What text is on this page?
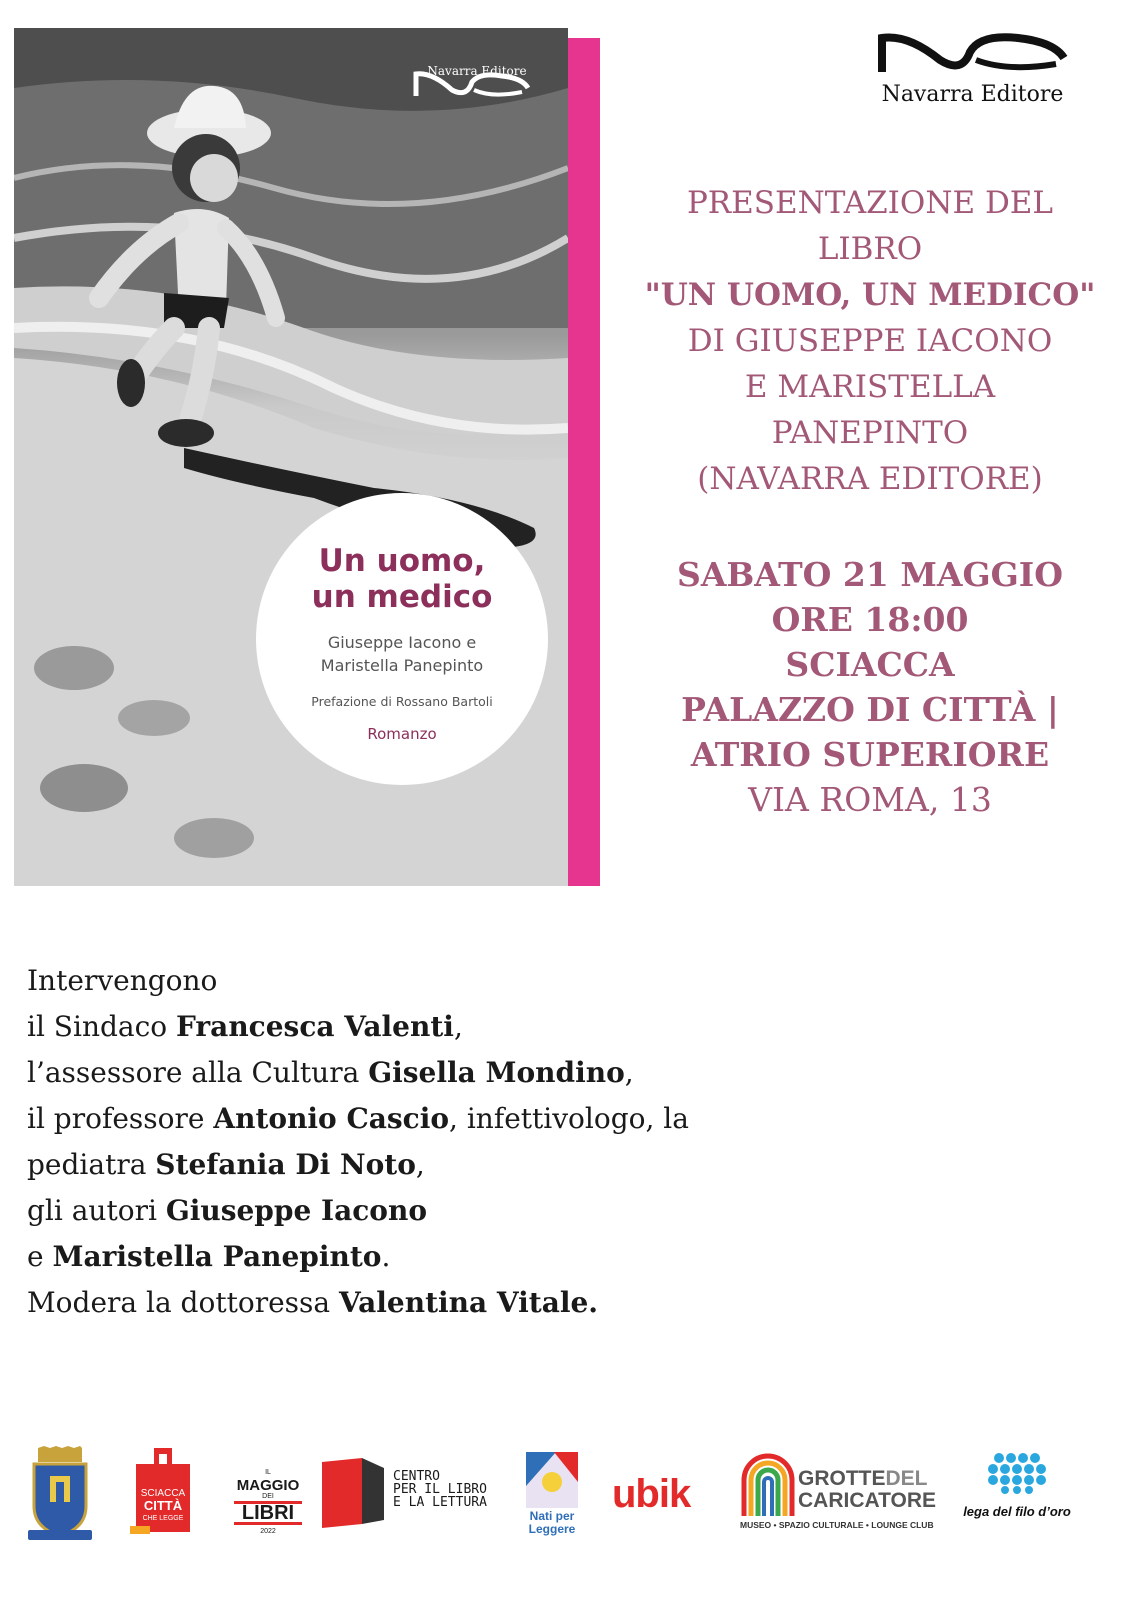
Navarra Editore
Un uomo,
un medico
Giuseppe Iacono e
Maristella Panepinto
Prefazione di Rossano Bartoli
Romanzo
Navarra Editore
PRESENTAZIONE DEL
LIBRO
"UN UOMO, UN MEDICO"
DI GIUSEPPE IACONO
E MARISTELLA
PANEPINTO
(NAVARRA EDITORE)
SABATO 21 MAGGIO
ORE 18:00
SCIACCA
PALAZZO DI CITTÀ |
ATRIO SUPERIORE
VIA ROMA, 13
Intervengono
il Sindaco Francesca Valenti,
l’assessore alla Cultura Gisella Mondino,
il professore Antonio Cascio, infettivologo, la
pediatra Stefania Di Noto,
gli autori Giuseppe Iacono
e Maristella Panepinto.
Modera la dottoressa Valentina Vitale.
SCIACCA
CITTÀ
CHE LEGGE
IL
MAGGIO
DEI
LIBRI
2022
CENTRO
PER IL LIBRO
E LA LETTURA
Nati per
Leggere
ubik	GROTTEDEL
CARICATORE
MUSEO • SPAZIO CULTURALE • LOUNGE CLUB
lega del filo d’oro
